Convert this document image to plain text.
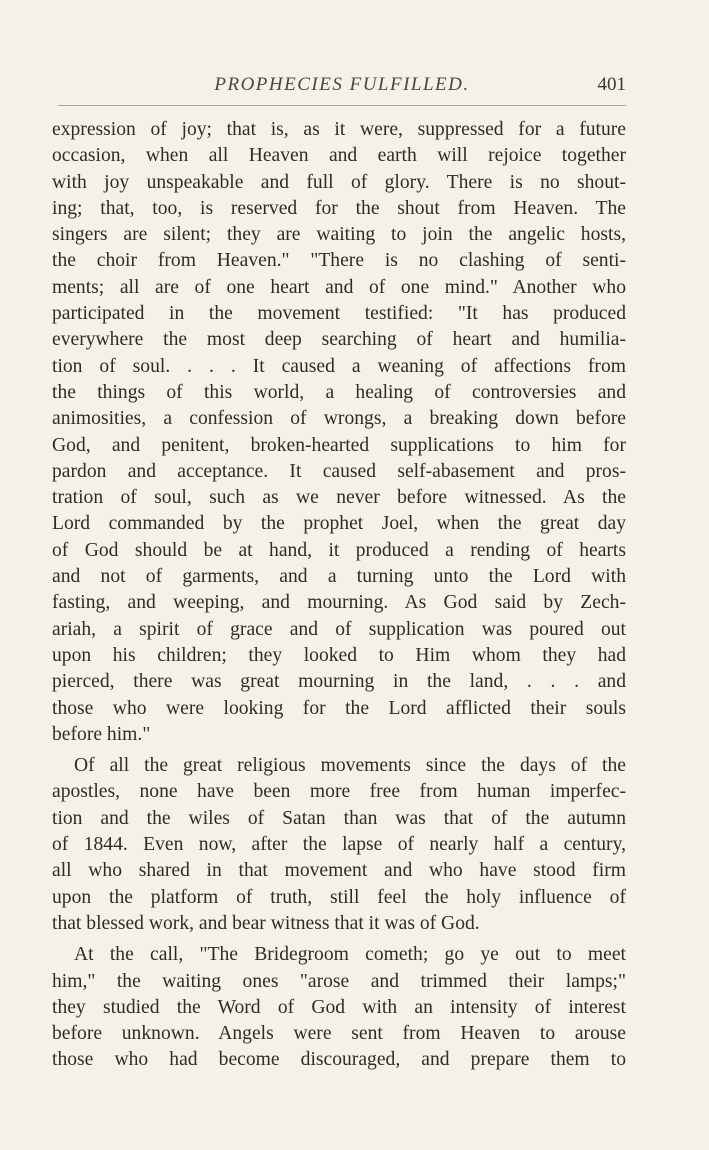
PROPHECIES FULFILLED.	401
expression of joy; that is, as it were, suppressed for a future
occasion, when all Heaven and earth will rejoice together
with joy unspeakable and full of glory. There is no shout-
ing; that, too, is reserved for the shout from Heaven. The
singers are silent; they are waiting to join the angelic hosts,
the choir from Heaven." "There is no clashing of senti-
ments; all are of one heart and of one mind." Another who
participated in the movement testified: "It has produced
everywhere the most deep searching of heart and humilia-
tion of soul. . . . It caused a weaning of affections from
the things of this world, a healing of controversies and
animosities, a confession of wrongs, a breaking down before
God, and penitent, broken-hearted supplications to him for
pardon and acceptance. It caused self-abasement and pros-
tration of soul, such as we never before witnessed. As the
Lord commanded by the prophet Joel, when the great day
of God should be at hand, it produced a rending of hearts
and not of garments, and a turning unto the Lord with
fasting, and weeping, and mourning. As God said by Zech-
ariah, a spirit of grace and of supplication was poured out
upon his children; they looked to Him whom they had
pierced, there was great mourning in the land, . . . and
those who were looking for the Lord afflicted their souls
before him."
Of all the great religious movements since the days of the
apostles, none have been more free from human imperfec-
tion and the wiles of Satan than was that of the autumn
of 1844. Even now, after the lapse of nearly half a century,
all who shared in that movement and who have stood firm
upon the platform of truth, still feel the holy influence of
that blessed work, and bear witness that it was of God.
At the call, "The Bridegroom cometh; go ye out to meet
him," the waiting ones "arose and trimmed their lamps;"
they studied the Word of God with an intensity of interest
before unknown. Angels were sent from Heaven to arouse
those who had become discouraged, and prepare them to
